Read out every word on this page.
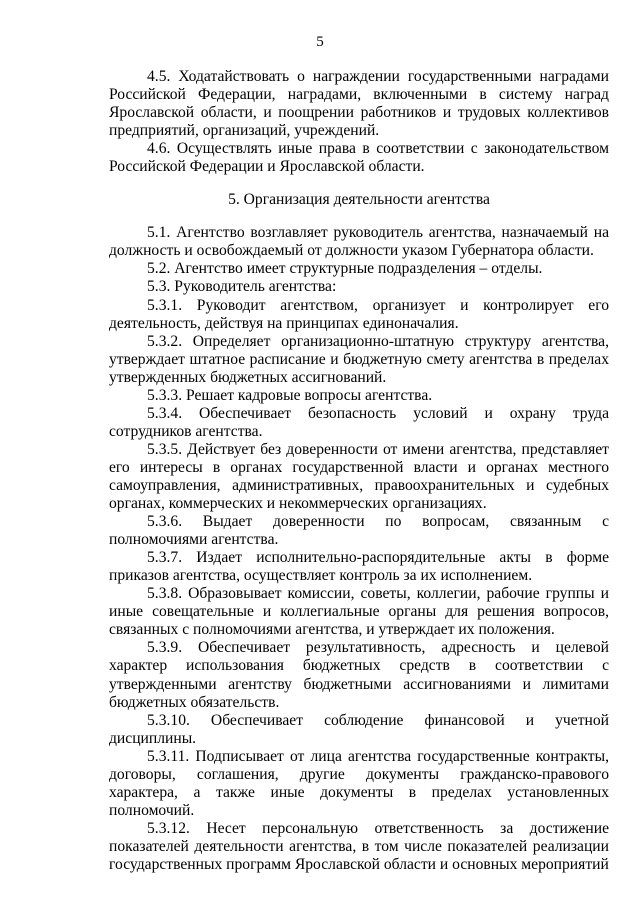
5

4.5. Ходатайствовать о награждении государственными наградами Российской Федерации, наградами, включенными в систему наград Ярославской области, и поощрении работников и трудовых коллективов предприятий, организаций, учреждений.

4.6. Осуществлять иные права в соответствии с законодательством Российской Федерации и Ярославской области.

5. Организация деятельности агентства

5.1. Агентство возглавляет руководитель агентства, назначаемый на должность и освобождаемый от должности указом Губернатора области.

5.2. Агентство имеет структурные подразделения – отделы.

5.3. Руководитель агентства:

5.3.1. Руководит агентством, организует и контролирует его деятельность, действуя на принципах единоначалия.

5.3.2. Определяет организационно-штатную структуру агентства, утверждает штатное расписание и бюджетную смету агентства в пределах утвержденных бюджетных ассигнований.

5.3.3. Решает кадровые вопросы агентства.

5.3.4. Обеспечивает безопасность условий и охрану труда сотрудников агентства.

5.3.5. Действует без доверенности от имени агентства, представляет его интересы в органах государственной власти и органах местного самоуправления, административных, правоохранительных и судебных органах, коммерческих и некоммерческих организациях.

5.3.6. Выдает доверенности по вопросам, связанным с полномочиями агентства.

5.3.7. Издает исполнительно-распорядительные акты в форме приказов агентства, осуществляет контроль за их исполнением.

5.3.8. Образовывает комиссии, советы, коллегии, рабочие группы и иные совещательные и коллегиальные органы для решения вопросов, связанных с полномочиями агентства, и утверждает их положения.

5.3.9. Обеспечивает результативность, адресность и целевой характер использования бюджетных средств в соответствии с утвержденными агентству бюджетными ассигнованиями и лимитами бюджетных обязательств.

5.3.10. Обеспечивает соблюдение финансовой и учетной дисциплины.

5.3.11. Подписывает от лица агентства государственные контракты, договоры, соглашения, другие документы гражданско-правового характера, а также иные документы в пределах установленных полномочий.

5.3.12. Несет персональную ответственность за достижение показателей деятельности агентства, в том числе показателей реализации государственных программ Ярославской области и основных мероприятий
